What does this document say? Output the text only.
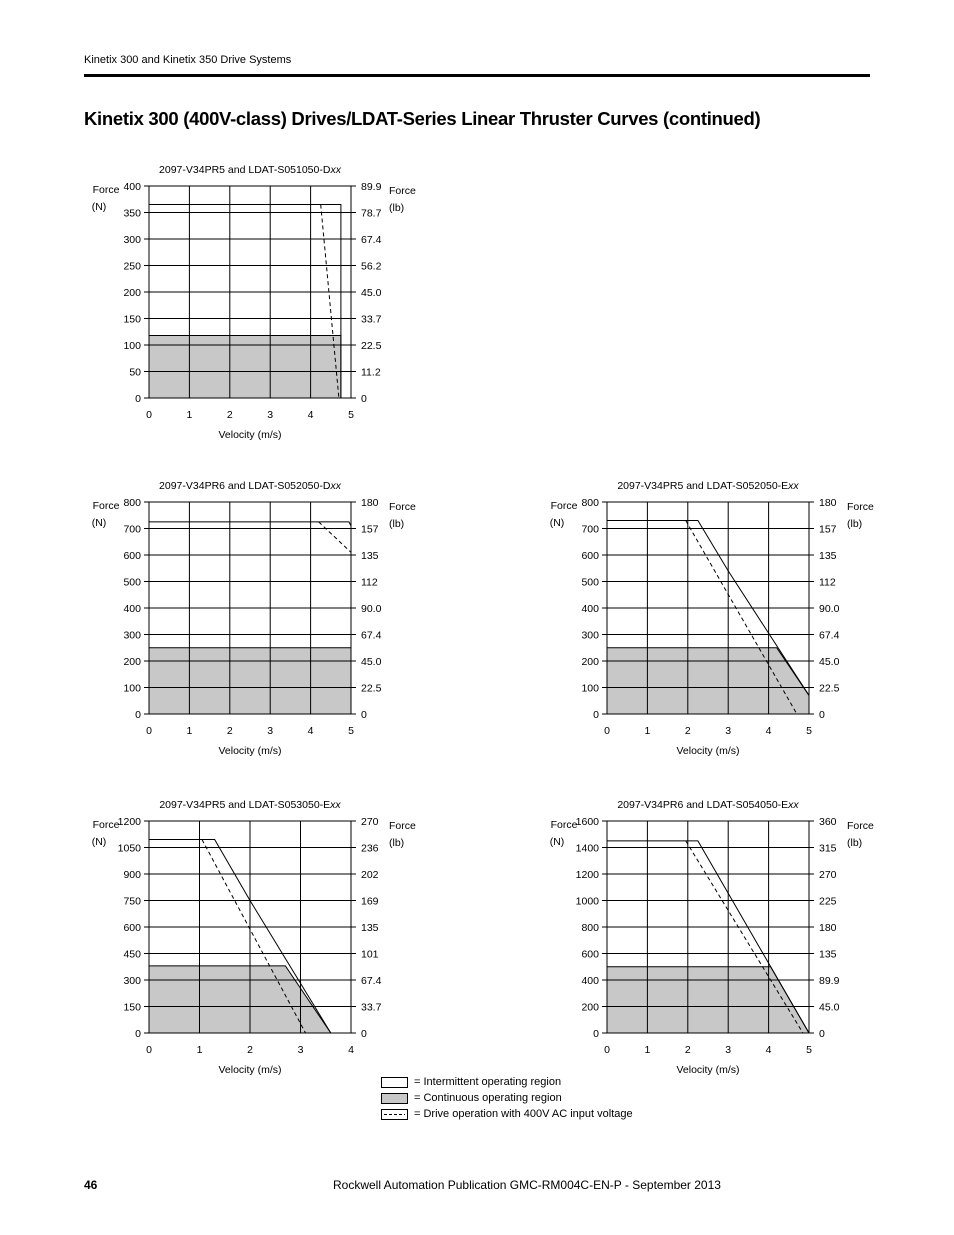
Kinetix 300 and Kinetix 350 Drive Systems
Kinetix 300 (400V-class) Drives/LDAT-Series Linear Thruster Curves (continued)
0	0
50	11.2
100	22.5
150	33.7
200	45.0
250	56.2
300	67.4
350	78.7
400	89.9
0	1	2	3	4	5
Velocity (m/s)
2097-V34PR5 and LDAT-S051050-Dxx
Force
(N)
Force
(lb)
0	0
100	22.5
200	45.0
300	67.4
400	90.0
500	112
600	135
700	157
800	180
0	1	2	3	4	5
Velocity (m/s)
2097-V34PR6 and LDAT-S052050-Dxx
Force
(N)
Force
(lb)
0	0
100	22.5
200	45.0
300	67.4
400	90.0
500	112
600	135
700	157
800	180
0	1	2	3	4	5
Velocity (m/s)
2097-V34PR5 and LDAT-S052050-Exx
Force
(N)
Force
(lb)
0	0
150	33.7
300	67.4
450	101
600	135
750	169
900	202
1050	236
1200	270
0	1	2	3	4
Velocity (m/s)
2097-V34PR5 and LDAT-S053050-Exx
Force
(N)
Force
(lb)
0	0
200	45.0
400	89.9
600	135
800	180
1000	225
1200	270
1400	315
1600	360
0	1	2	3	4	5
Velocity (m/s)
2097-V34PR6 and LDAT-S054050-Exx
Force
(N)
Force
(lb)
= Intermittent operating region
= Continuous operating region
= Drive operation with 400V AC input voltage
46	Rockwell Automation Publication GMC-RM004C-EN-P - September 2013
